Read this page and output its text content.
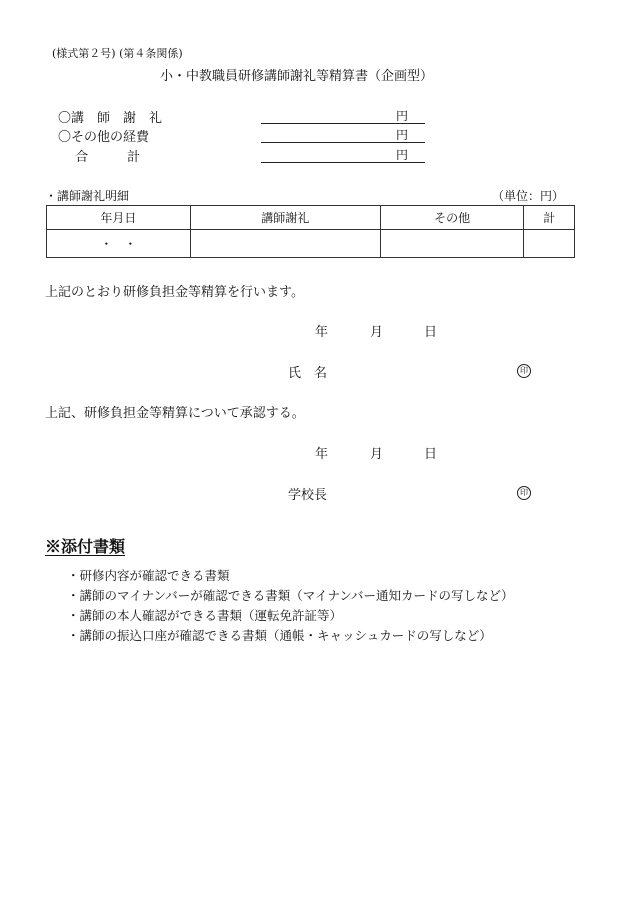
(様式第２号) (第４条関係)
小・中教職員研修講師謝礼等精算書（企画型）
〇講　師　謝　礼	円
〇その他の経費	円
　 合　　　計	円
・講師謝礼明細	（単位：円）
年月日	講師謝礼	その他	計
・　・			
上記のとおり研修負担金等精算を行います。
年	月	日
氏　名	印
上記、研修負担金等精算について承認する。
年	月	日
学校長	印
※添付書類
・研修内容が確認できる書類
・講師のマイナンバーが確認できる書類（マイナンバー通知カードの写しなど）
・講師の本人確認ができる書類（運転免許証等）
・講師の振込口座が確認できる書類（通帳・キャッシュカードの写しなど）
